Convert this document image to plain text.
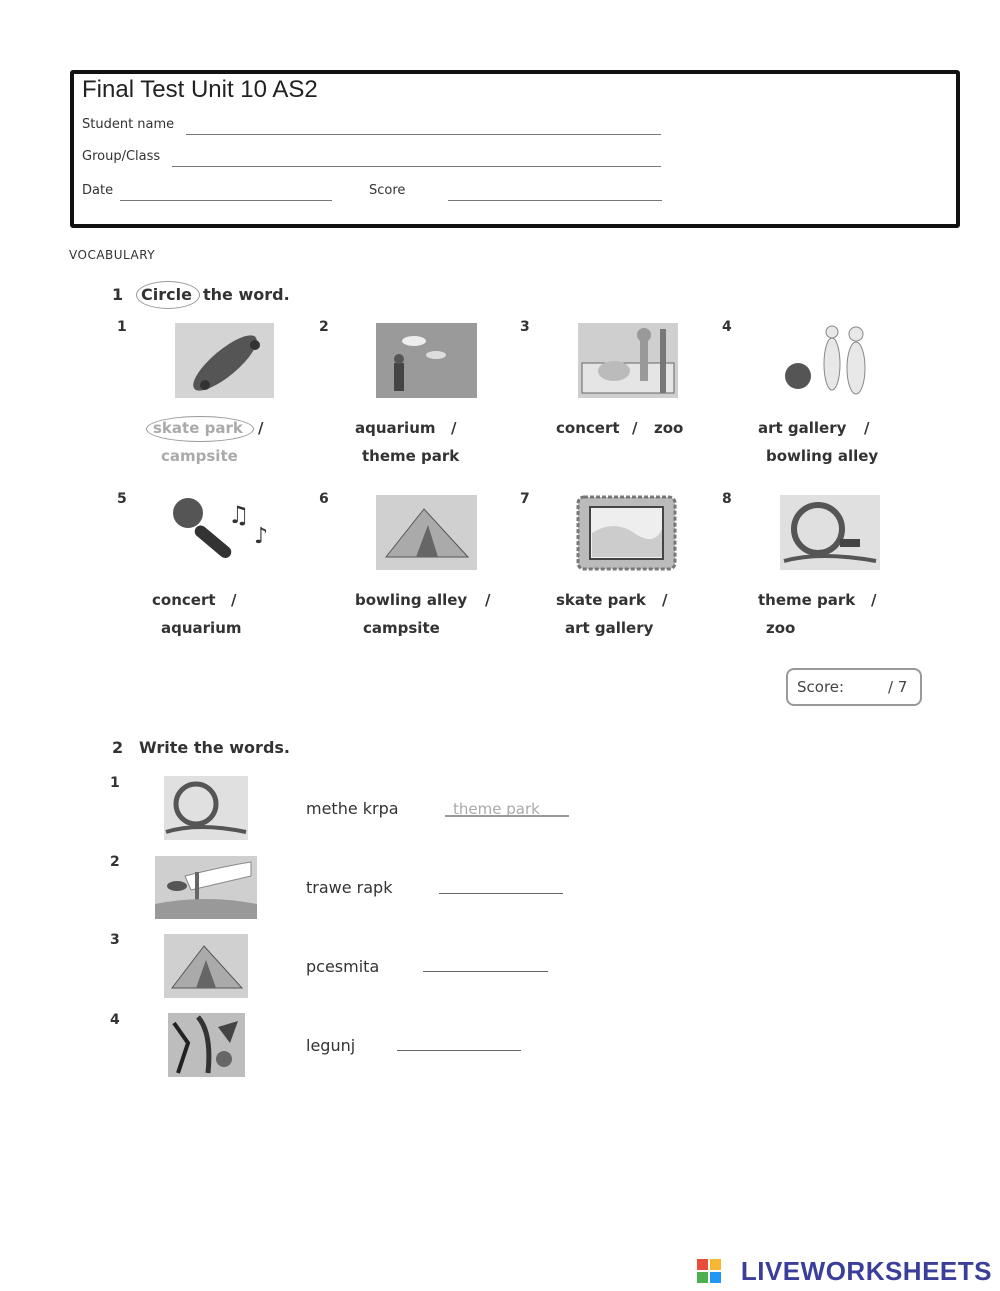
Final Test Unit 10 AS2
Student name
Group/Class
Date	Score
VOCABULARY
1 Circle the word.
1
skate park /
campsite
2
aquarium /
theme park
3
concert / zoo
4
art gallery /
bowling alley
5
♫
♪
concert /
aquarium
6
bowling alley /
campsite
7
skate park /
art gallery
8
theme park /
zoo
Score:	/ 7
2 Write the words.
1
methe krpa	theme park
2
trawe rapk
3
pcesmita
4
legunj
LIVEWORKSHEETS
